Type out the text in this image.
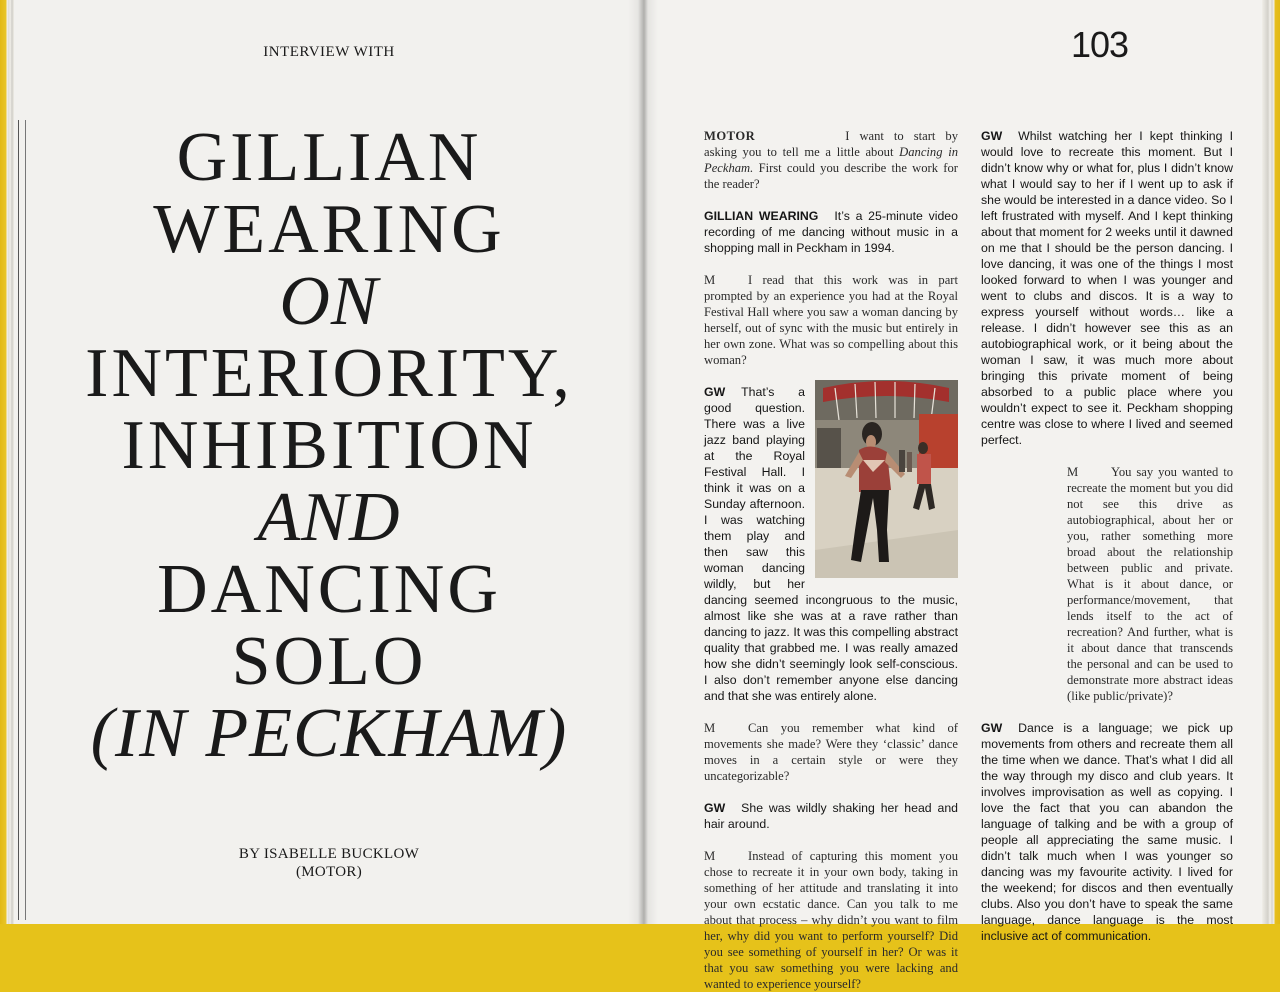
INTERVIEW WITH
GILLIAN
WEARING
ON
INTERIORITY,
INHIBITION
AND
DANCING
SOLO
(IN PECKHAM)
BY ISABELLE BUCKLOW
(MOTOR)
103

MOTOR	I want to start by asking you to tell me a little about Dancing in Peckham. First could you describe the work for the reader?

GILLIAN WEARING It’s a 25-minute video recording of me dancing without music in a shopping mall in Peckham in 1994.

M	I read that this work was in part prompted by an experience you had at the Royal Festival Hall where you saw a woman dancing by herself, out of sync with the music but entirely in her own zone. What was so compelling about this woman?

GW That’s a good question. There was a live jazz band playing at the Royal Festival Hall. I think it was on a Sunday afternoon. I was watching them play and then saw this woman dancing wildly, but her dancing seemed incongruous to the music, almost like she was at a rave rather than dancing to jazz. It was this compelling abstract quality that grabbed me. I was really amazed how she didn’t seemingly look self-conscious. I also don’t remember anyone else dancing and that she was entirely alone.

M	Can you remember what kind of movements she made? Were they ‘classic’ dance moves in a certain style or were they uncategorizable?

GW She was wildly shaking her head and hair around.

M	Instead of capturing this moment you chose to recreate it in your own body, taking in something of her attitude and translating it into your own ecstatic dance. Can you talk to me about that process – why didn’t you want to film her, why did you want to perform yourself? Did you see something of yourself in her? Or was it that you saw something you were lacking and wanted to experience yourself?

GW Whilst watching her I kept thinking I would love to recreate this moment. But I didn’t know why or what for, plus I didn’t know what I would say to her if I went up to ask if she would be interested in a dance video. So I left frustrated with myself. And I kept thinking about that moment for 2 weeks until it dawned on me that I should be the person dancing. I love dancing, it was one of the things I most looked forward to when I was younger and went to clubs and discos. It is a way to express yourself without words… like a release. I didn’t however see this as an autobiographical work, or it being about the woman I saw, it was much more about bringing this private moment of being absorbed to a public place where you wouldn’t expect to see it. Peckham shopping centre was close to where I lived and seemed perfect.

M	You say you wanted to recreate the moment but you did not see this drive as autobiographical, about her or you, rather something more broad about the relationship between public and private. What is it about dance, or performance/movement, that lends itself to the act of recreation? And further, what is it about dance that transcends the personal and can be used to demonstrate more abstract ideas (like public/private)?

GW Dance is a language; we pick up movements from others and recreate them all the time when we dance. That’s what I did all the way through my disco and club years. It involves improvisation as well as copying. I love the fact that you can abandon the language of talking and be with a group of people all appreciating the same music. I didn’t talk much when I was younger so dancing was my favourite activity. I lived for the weekend; for discos and then eventually clubs. Also you don’t have to speak the same language, dance language is the most inclusive act of communication.
